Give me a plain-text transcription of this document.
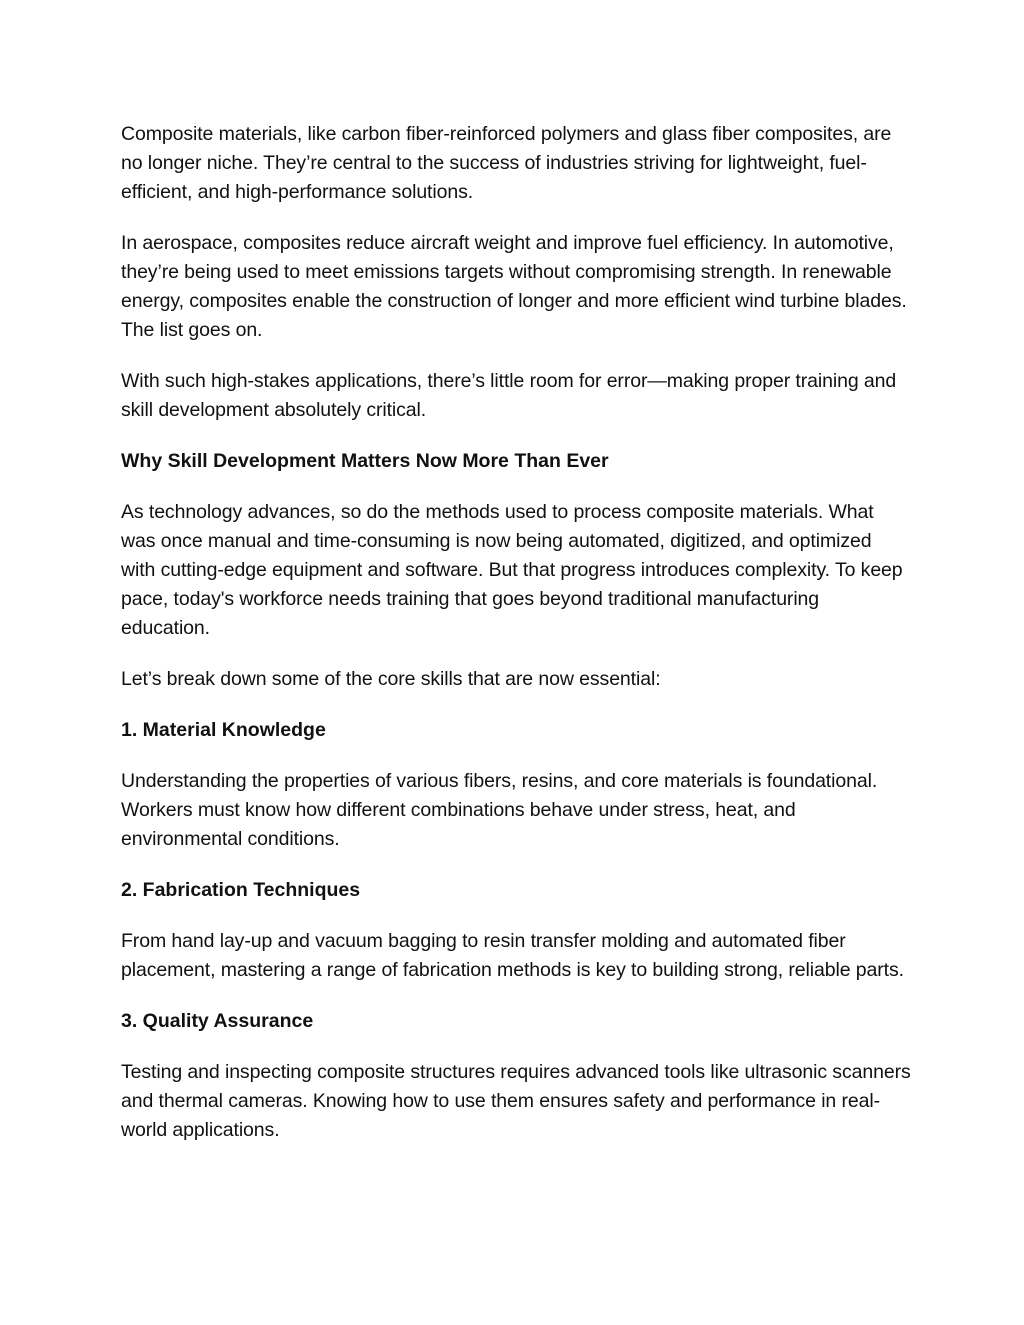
Composite materials, like carbon fiber-reinforced polymers and glass fiber composites, are no longer niche. They’re central to the success of industries striving for lightweight, fuel-efficient, and high-performance solutions.

In aerospace, composites reduce aircraft weight and improve fuel efficiency. In automotive, they’re being used to meet emissions targets without compromising strength. In renewable energy, composites enable the construction of longer and more efficient wind turbine blades. The list goes on.

With such high-stakes applications, there’s little room for error—making proper training and skill development absolutely critical.

Why Skill Development Matters Now More Than Ever

As technology advances, so do the methods used to process composite materials. What was once manual and time-consuming is now being automated, digitized, and optimized with cutting-edge equipment and software. But that progress introduces complexity. To keep pace, today's workforce needs training that goes beyond traditional manufacturing education.

Let’s break down some of the core skills that are now essential:

1. Material Knowledge

Understanding the properties of various fibers, resins, and core materials is foundational. Workers must know how different combinations behave under stress, heat, and environmental conditions.

2. Fabrication Techniques

From hand lay-up and vacuum bagging to resin transfer molding and automated fiber placement, mastering a range of fabrication methods is key to building strong, reliable parts.

3. Quality Assurance

Testing and inspecting composite structures requires advanced tools like ultrasonic scanners and thermal cameras. Knowing how to use them ensures safety and performance in real-world applications.
